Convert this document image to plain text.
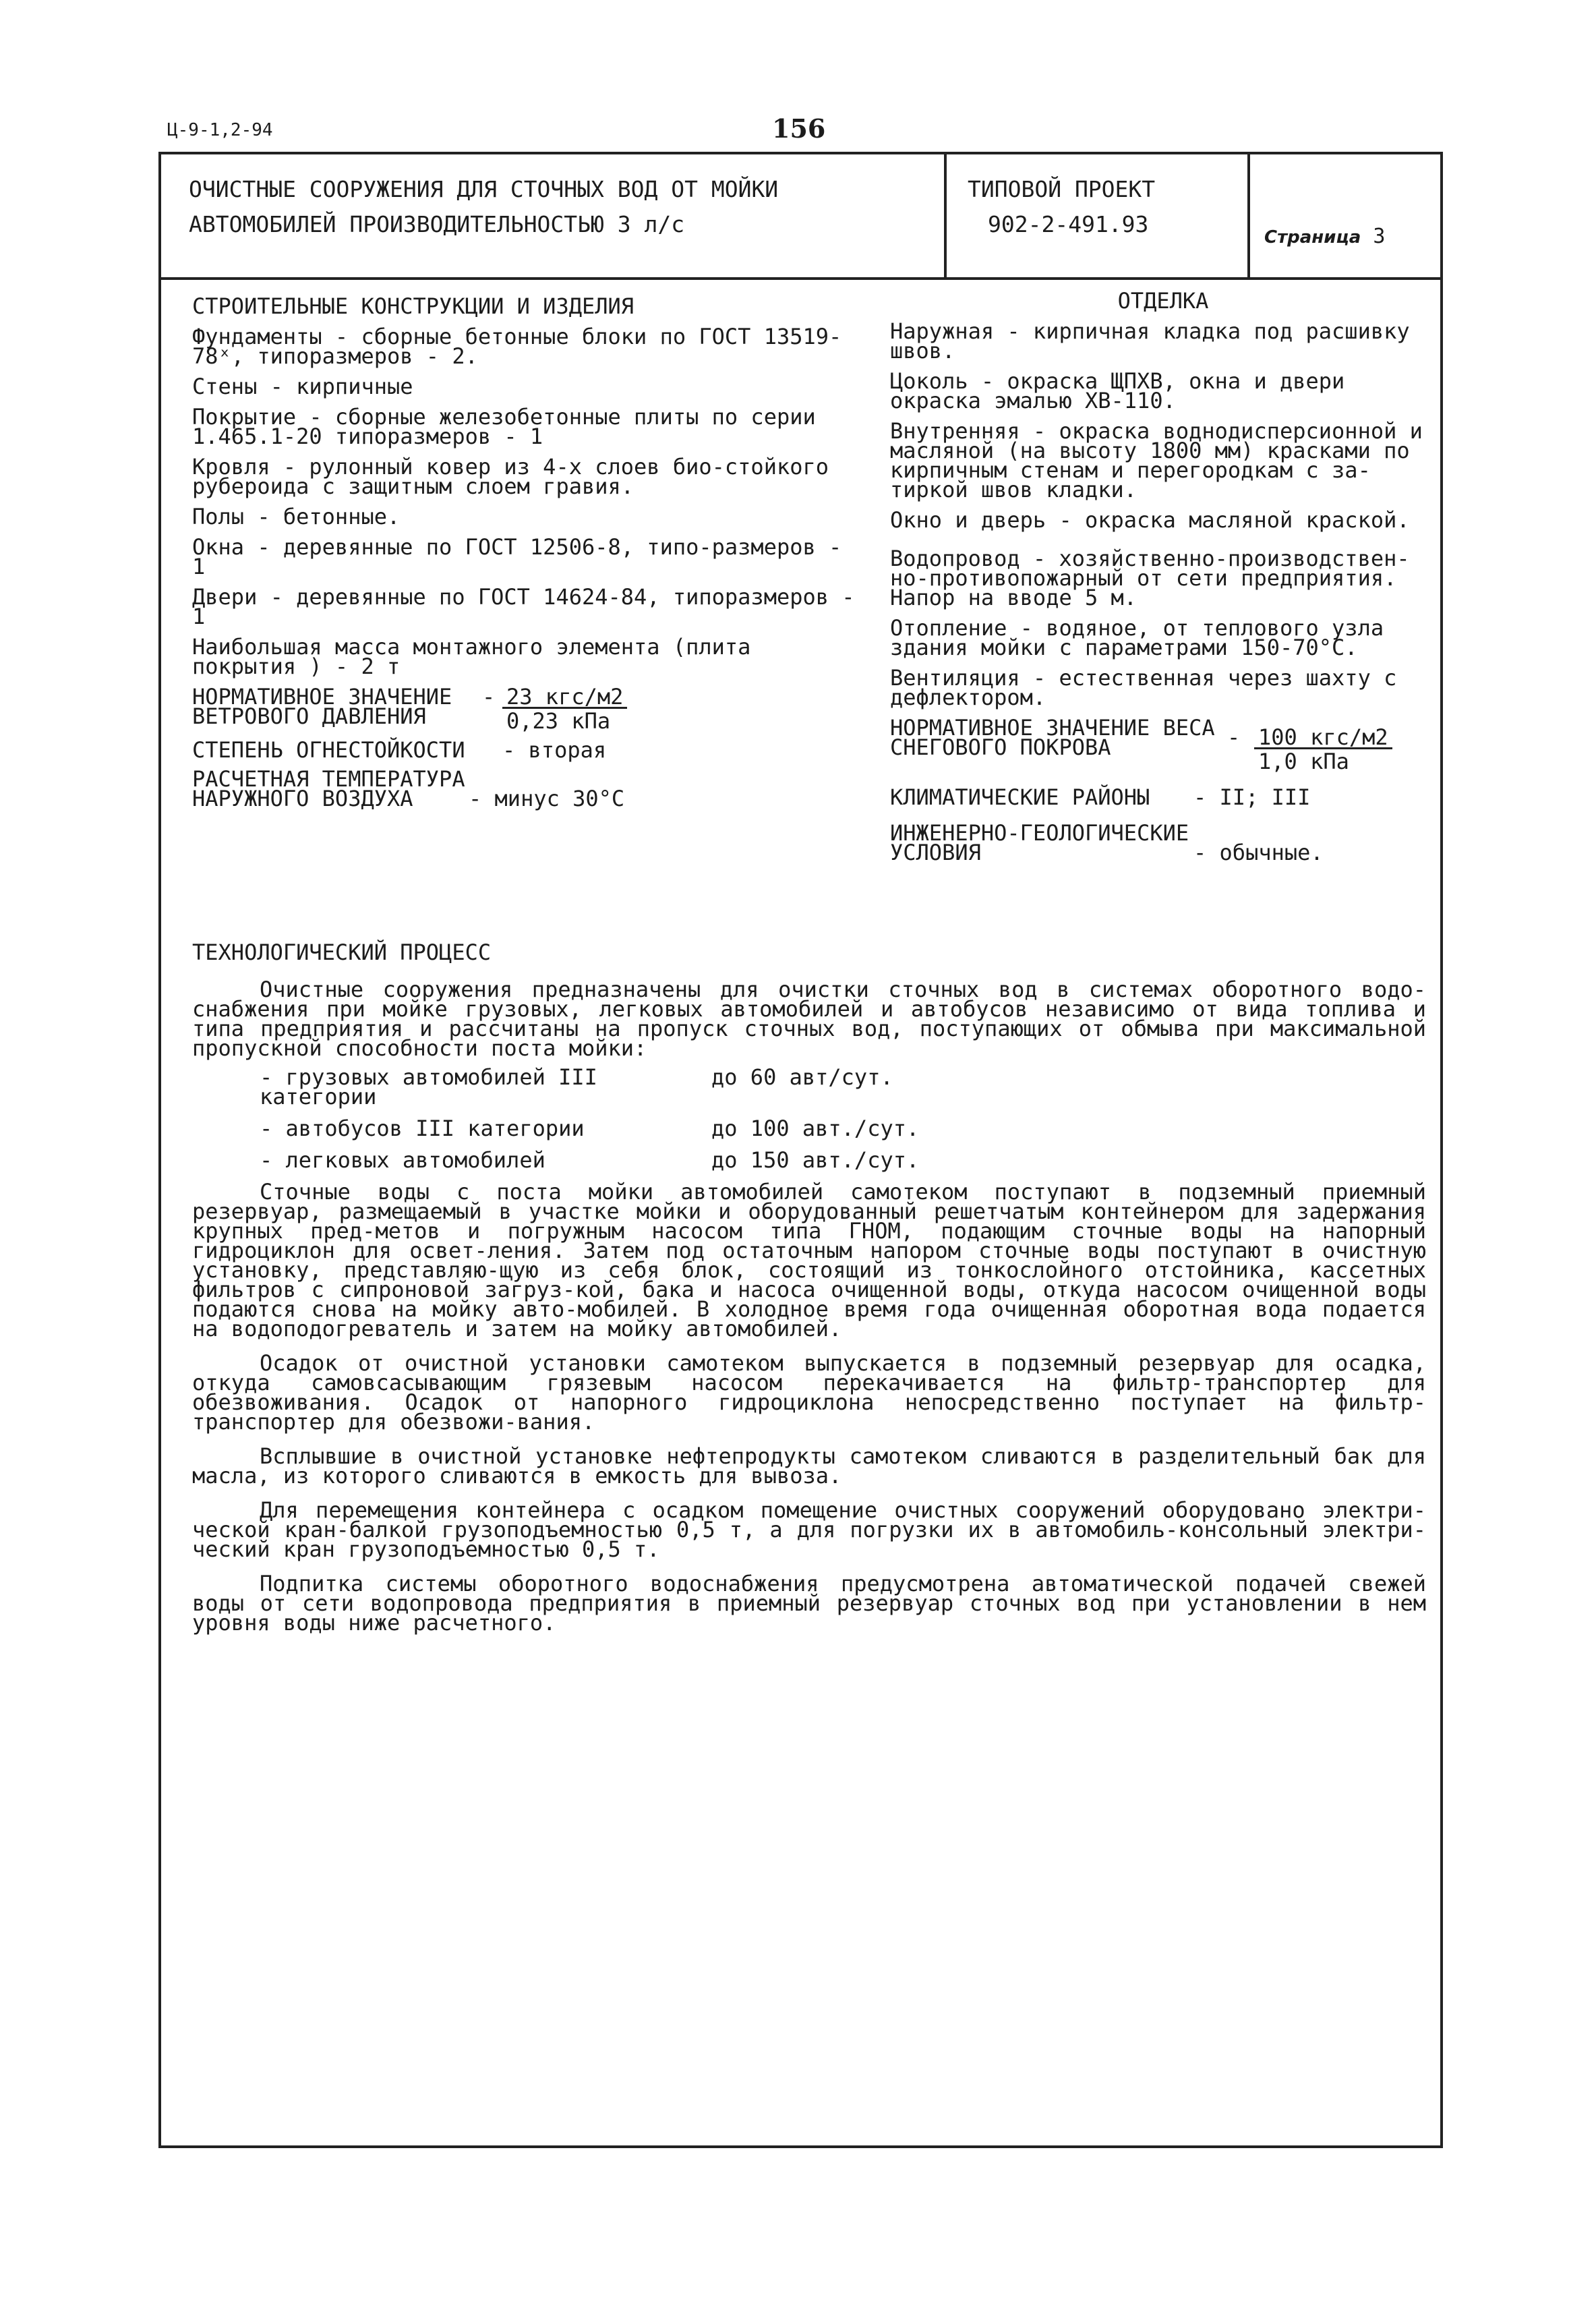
Ц-9-1,2-94	156
ОЧИСТНЫЕ СООРУЖЕНИЯ ДЛЯ СТОЧНЫХ ВОД ОТ МОЙКИ
АВТОМОБИЛЕЙ ПРОИЗВОДИТЕЛЬНОСТЬЮ 3 л/с
ТИПОВОЙ ПРОЕКТ
902-2-491.93	Страница 3

СТРОИТЕЛЬНЫЕ КОНСТРУКЦИИ И ИЗДЕЛИЯ

Фундаменты - сборные бетонные блоки по ГОСТ 13519-78ˣ, типоразмеров - 2.

Стены - кирпичные

Покрытие - сборные железобетонные плиты по серии 1.465.1-20 типоразмеров - 1

Кровля - рулонный ковер из 4-х слоев био-стойкого рубероида с защитным слоем гравия.

Полы - бетонные.

Окна - деревянные по ГОСТ 12506-8, типо-размеров - 1

Двери - деревянные по ГОСТ 14624-84, типоразмеров - 1

Наибольшая масса монтажного элемента (плита покрытия ) - 2 т

НОРМАТИВНОЕ ЗНАЧЕНИЕ ВЕТРОВОГО ДАВЛЕНИЯ
- $\frac{\text{23 кгс/м2}}{\text{0,23 кПа}}$
СТЕПЕНЬ ОГНЕСТОЙКОСТИ	- вторая
РАСЧЕТНАЯ ТЕМПЕРАТУРА НАРУЖНОГО ВОЗДУХА	- минус 30°С

ОТДЕЛКА

Наружная - кирпичная кладка под расшивку швов.

Цоколь - окраска ЩПХВ, окна и двери окраска эмалью ХВ-110.

Внутренняя - окраска воднодисперсионной и масляной (на высоту 1800 мм) красками по кирпичным стенам и перегородкам с за-тиркой швов кладки.

Окно и дверь - окраска масляной краской.

Водопровод - хозяйственно-производствен-но-противопожарный от сети предприятия. Напор на вводе 5 м.

Отопление - водяное, от теплового узла здания мойки с параметрами 150-70°С.

Вентиляция - естественная через шахту с дефлектором.

НОРМАТИВНОЕ ЗНАЧЕНИЕ ВЕСА СНЕГОВОГО ПОКРОВА	- $\frac{\text{100 кгс/м2}}{\text{1,0 кПа}}$
КЛИМАТИЧЕСКИЕ РАЙОНЫ	- II; III
ИНЖЕНЕРНО-ГЕОЛОГИЧЕСКИЕ УСЛОВИЯ	- обычные.

ТЕХНОЛОГИЧЕСКИЙ ПРОЦЕСС

Очистные сооружения предназначены для очистки сточных вод в системах оборотного водо-снабжения при мойке грузовых, легковых автомобилей и автобусов независимо от вида топлива и типа предприятия и рассчитаны на пропуск сточных вод, поступающих от обмыва при максимальной пропускной способности поста мойки:

- грузовых автомобилей III категории
до 60 авт/сут.
- автобусов III категории	до 100 авт./сут.
- легковых автомобилей	до 150 авт./сут.

Сточные воды с поста мойки автомобилей самотеком поступают в подземный приемный резервуар, размещаемый в участке мойки и оборудованный решетчатым контейнером для задержания крупных пред-метов и погружным насосом типа ГНОМ, подающим сточные воды на напорный гидроциклон для освет-ления. Затем под остаточным напором сточные воды поступают в очистную установку, представляю-щую из себя блок, состоящий из тонкослойного отстойника, кассетных фильтров с сипроновой загруз-кой, бака и насоса очищенной воды, откуда насосом очищенной воды подаются снова на мойку авто-мобилей. В холодное время года очищенная оборотная вода подается на водоподогреватель и затем на мойку автомобилей.

Осадок от очистной установки самотеком выпускается в подземный резервуар для осадка, откуда самовсасывающим грязевым насосом перекачивается на фильтр-транспортер для обезвоживания. Осадок от напорного гидроциклона непосредственно поступает на фильтр-транспортер для обезвожи-вания.

Всплывшие в очистной установке нефтепродукты самотеком сливаются в разделительный бак для масла, из которого сливаются в емкость для вывоза.

Для перемещения контейнера с осадком помещение очистных сооружений оборудовано электри-ческой кран-балкой грузоподъемностью 0,5 т, а для погрузки их в автомобиль-консольный электри-ческий кран грузоподъемностью 0,5 т.

Подпитка системы оборотного водоснабжения предусмотрена автоматической подачей свежей воды от сети водопровода предприятия в приемный резервуар сточных вод при установлении в нем уровня воды ниже расчетного.
